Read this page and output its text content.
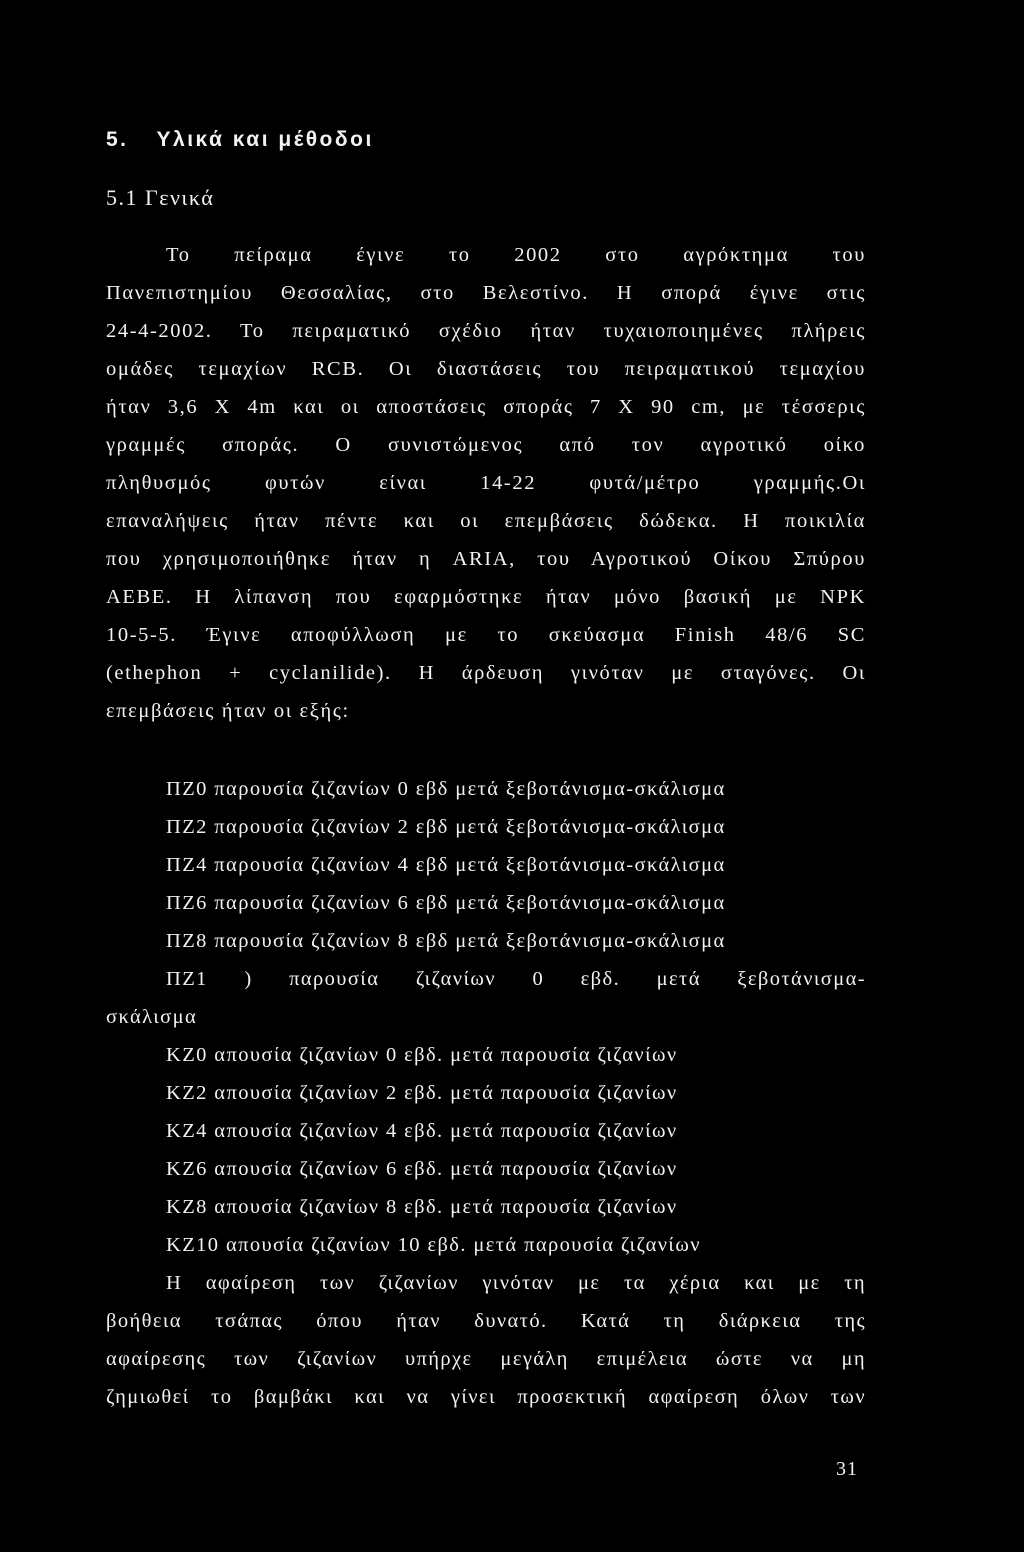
5. Υλικά και μέθοδοι
5.1 Γενικά
Το πείραμα έγινε το 2002 στο αγρόκτημα του
Πανεπιστημίου Θεσσαλίας, στο Βελεστίνο. Η σπορά έγινε στις
24-4-2002. Το πειραματικό σχέδιο ήταν τυχαιοποιημένες πλήρεις
ομάδες τεμαχίων RCB. Οι διαστάσεις του πειραματικού τεμαχίου
ήταν 3,6 Χ 4m και οι αποστάσεις σποράς 7 Χ 90 cm, με τέσσερις
γραμμές σποράς. Ο συνιστώμενος από τον αγροτικό οίκο
πληθυσμός φυτών είναι 14-22 φυτά/μέτρο γραμμής.Οι
επαναλήψεις ήταν πέντε και οι επεμβάσεις δώδεκα. Η ποικιλία
που χρησιμοποιήθηκε ήταν η ARIA, του Αγροτικού Οίκου Σπύρου
ΑΕΒΕ. Η λίπανση που εφαρμόστηκε ήταν μόνο βασική με ΝΡΚ
10-5-5. Έγινε αποφύλλωση με το σκεύασμα Finish 48/6 SC
(ethephon + cyclanilide). Η άρδευση γινόταν με σταγόνες. Οι
επεμβάσεις ήταν οι εξής:
ΠΖ0 παρουσία ζιζανίων 0 εβδ μετά ξεβοτάνισμα-σκάλισμα
ΠΖ2 παρουσία ζιζανίων 2 εβδ μετά ξεβοτάνισμα-σκάλισμα
ΠΖ4 παρουσία ζιζανίων 4 εβδ μετά ξεβοτάνισμα-σκάλισμα
ΠΖ6 παρουσία ζιζανίων 6 εβδ μετά ξεβοτάνισμα-σκάλισμα
ΠΖ8 παρουσία ζιζανίων 8 εβδ μετά ξεβοτάνισμα-σκάλισμα
ΠΖ1 ) παρουσία ζιζανίων 0 εβδ. μετά ξεβοτάνισμα-
σκάλισμα
ΚΖ0 απουσία ζιζανίων 0 εβδ. μετά παρουσία ζιζανίων
ΚΖ2 απουσία ζιζανίων 2 εβδ. μετά παρουσία ζιζανίων
ΚΖ4 απουσία ζιζανίων 4 εβδ. μετά παρουσία ζιζανίων
ΚΖ6 απουσία ζιζανίων 6 εβδ. μετά παρουσία ζιζανίων
ΚΖ8 απουσία ζιζανίων 8 εβδ. μετά παρουσία ζιζανίων
ΚΖ10 απουσία ζιζανίων 10 εβδ. μετά παρουσία ζιζανίων
Η αφαίρεση των ζιζανίων γινόταν με τα χέρια και με τη
βοήθεια τσάπας όπου ήταν δυνατό. Κατά τη διάρκεια της
αφαίρεσης των ζιζανίων υπήρχε μεγάλη επιμέλεια ώστε να μη
ζημιωθεί το βαμβάκι και να γίνει προσεκτική αφαίρεση όλων των
31
